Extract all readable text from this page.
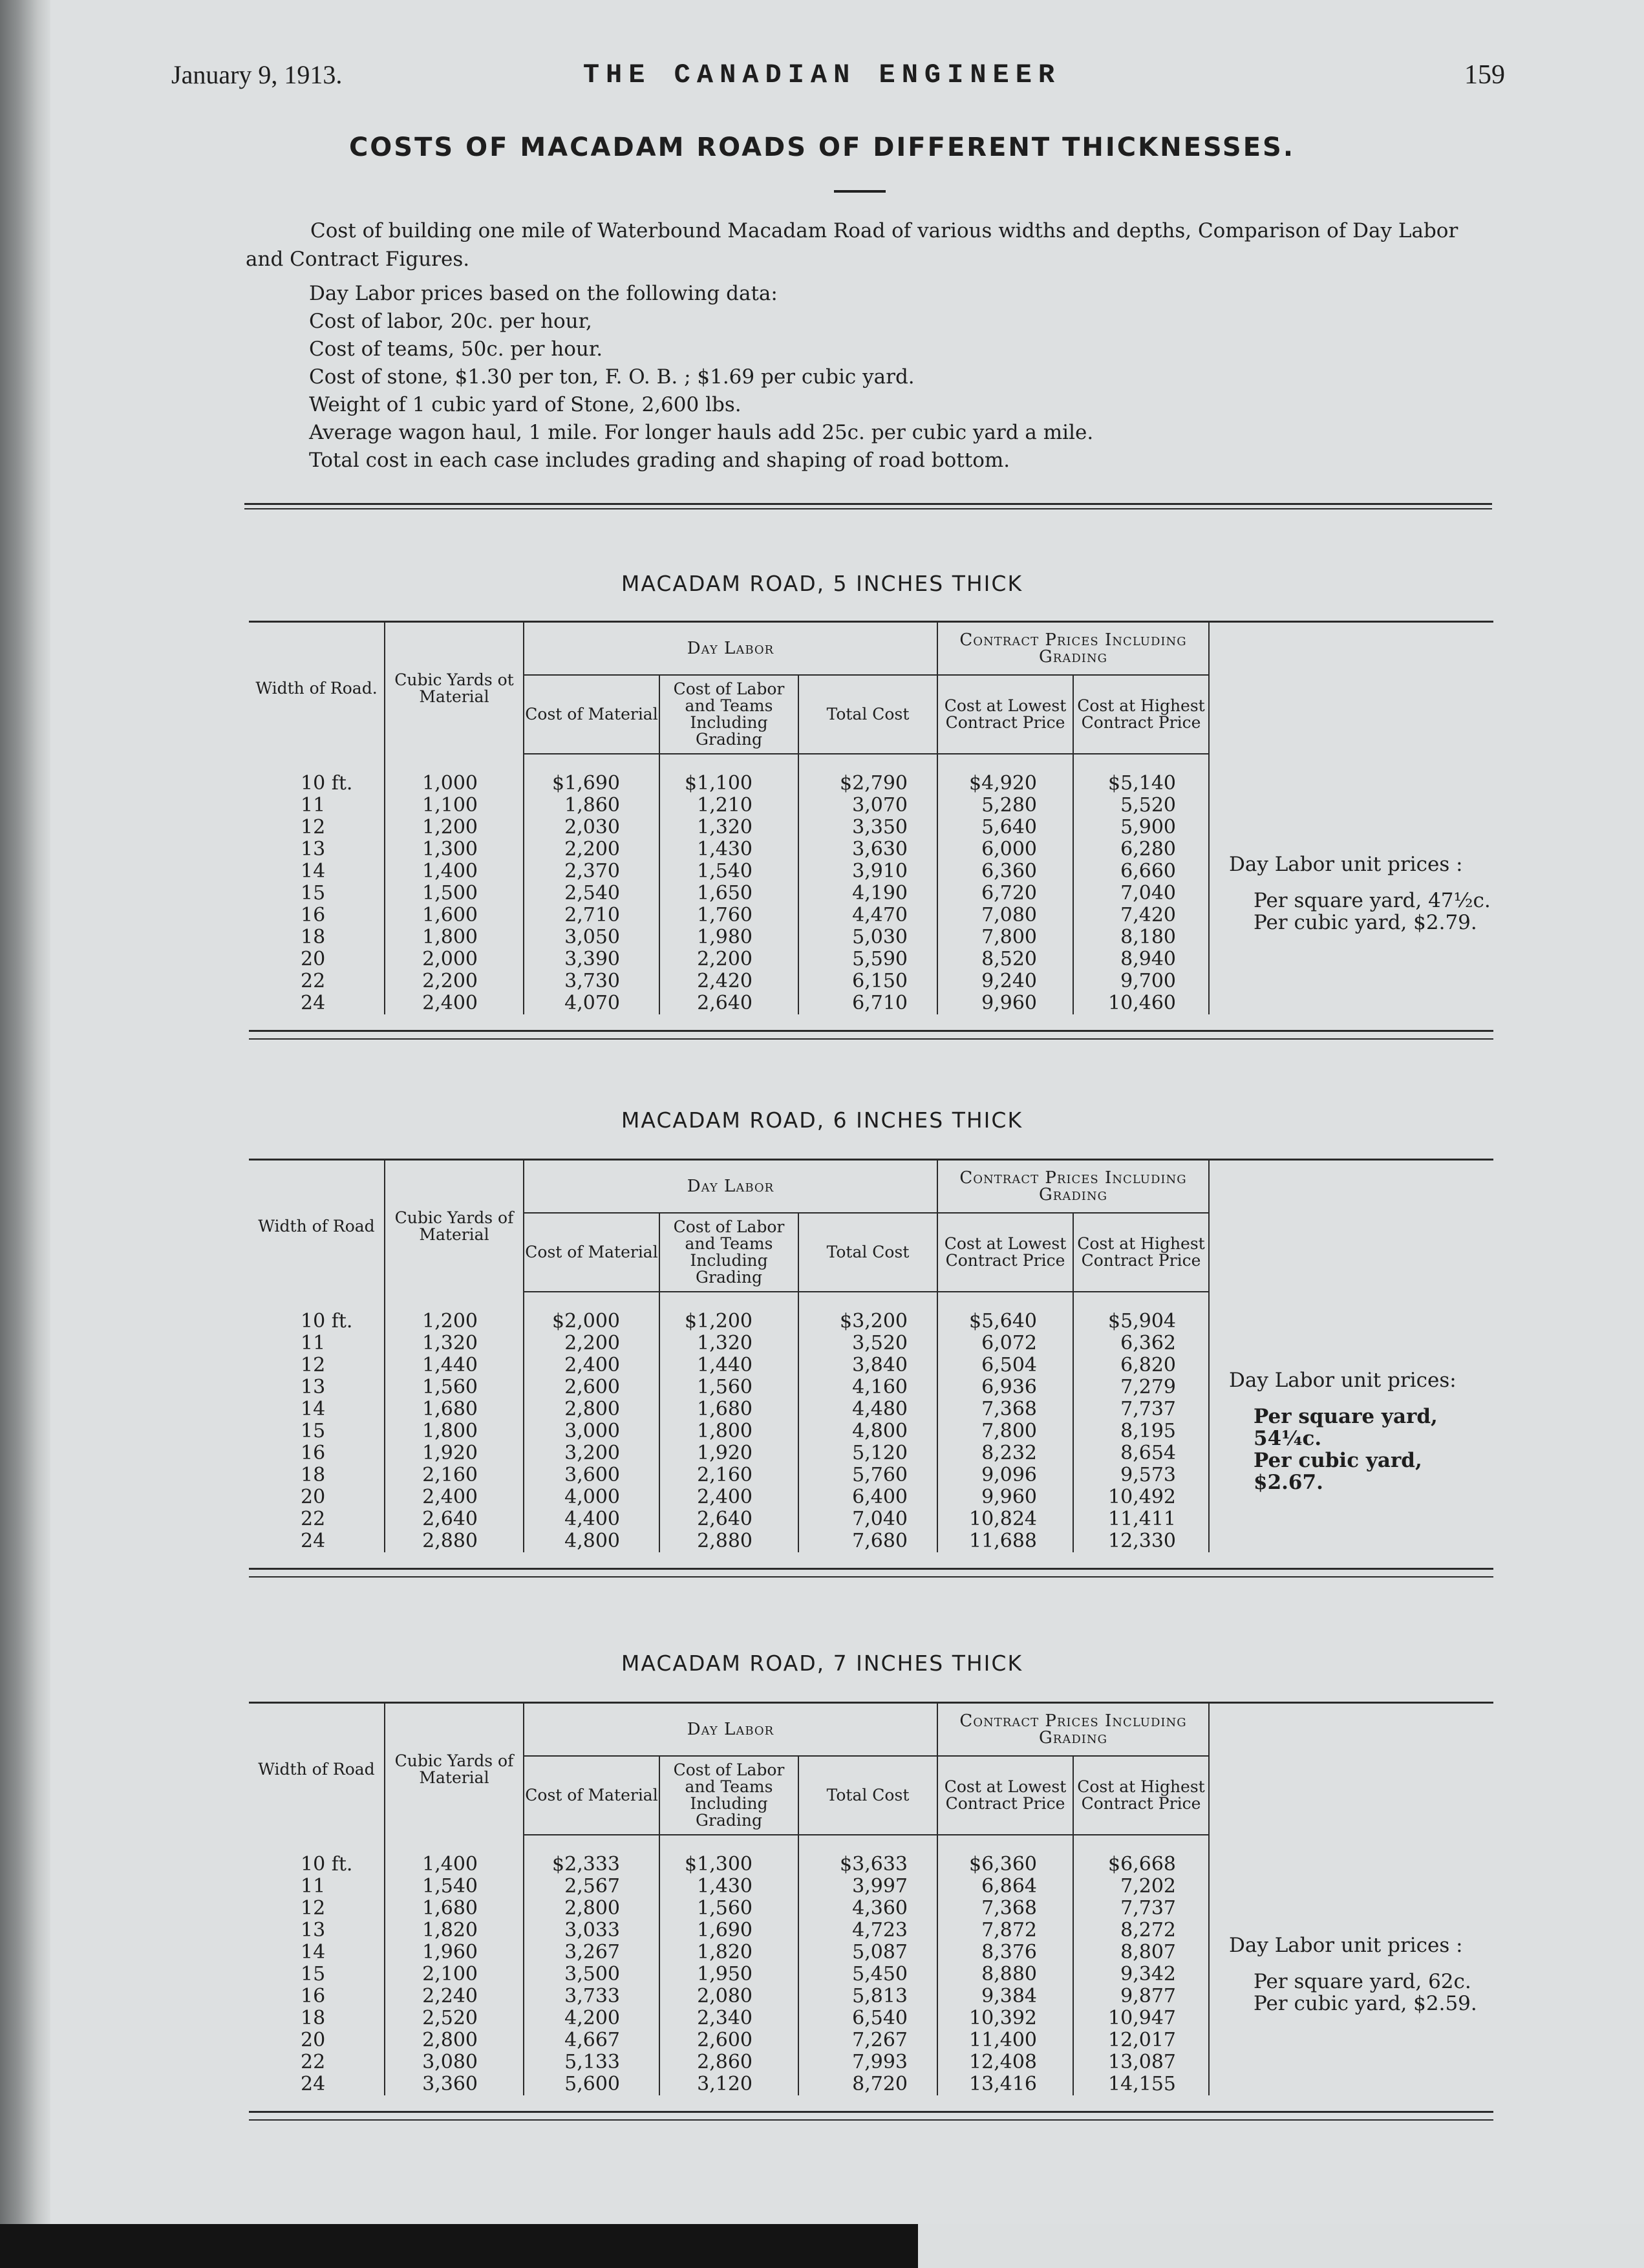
January 9, 1913.	THE CANADIAN ENGINEER	159
COSTS OF MACADAM ROADS OF DIFFERENT THICKNESSES.
Cost of building one mile of Waterbound Macadam Road of various widths and depths, Comparison of Day Labor and Contract Figures.
Day Labor prices based on the following data:
Cost of labor, 20c. per hour,
Cost of teams, 50c. per hour.
Cost of stone, $1.30 per ton, F. O. B. ; $1.69 per cubic yard.
Weight of 1 cubic yard of Stone, 2,600 lbs.
Average wagon haul, 1 mile. For longer hauls add 25c. per cubic yard a mile.
Total cost in each case includes grading and shaping of road bottom.
MACADAM ROAD, 5 INCHES THICK
Width of Road.	Cubic Yards ot Material	Day Labor			Contract Prices Including Grading		
		Cost of Material	Cost of Labor and Teams Including Grading	Total Cost	Cost at Lowest Contract Price	Cost at Highest Contract Price	
10 ft.	1,000	$1,690	$1,100	$2,790	$4,920	$5,140	Day Labor unit prices :
Per square yard, 47½c.
Per cubic yard, $2.79.

11	1,100	1,860	1,210	3,070	5,280	5,520	
12	1,200	2,030	1,320	3,350	5,640	5,900	
13	1,300	2,200	1,430	3,630	6,000	6,280	
14	1,400	2,370	1,540	3,910	6,360	6,660	
15	1,500	2,540	1,650	4,190	6,720	7,040	
16	1,600	2,710	1,760	4,470	7,080	7,420	
18	1,800	3,050	1,980	5,030	7,800	8,180	
20	2,000	3,390	2,200	5,590	8,520	8,940	
22	2,200	3,730	2,420	6,150	9,240	9,700	
24	2,400	4,070	2,640	6,710	9,960	10,460	

MACADAM ROAD, 6 INCHES THICK
Width of Road	Cubic Yards of Material	Day Labor			Contract Prices Including Grading		
		Cost of Material	Cost of Labor and Teams Including Grading	Total Cost	Cost at Lowest Contract Price	Cost at Highest Contract Price	
10 ft.	1,200	$2,000	$1,200	$3,200	$5,640	$5,904	Day Labor unit prices:
Per square yard, 54¼c.
Per cubic yard, $2.67.

11	1,320	2,200	1,320	3,520	6,072	6,362	
12	1,440	2,400	1,440	3,840	6,504	6,820	
13	1,560	2,600	1,560	4,160	6,936	7,279	
14	1,680	2,800	1,680	4,480	7,368	7,737	
15	1,800	3,000	1,800	4,800	7,800	8,195	
16	1,920	3,200	1,920	5,120	8,232	8,654	
18	2,160	3,600	2,160	5,760	9,096	9,573	
20	2,400	4,000	2,400	6,400	9,960	10,492	
22	2,640	4,400	2,640	7,040	10,824	11,411	
24	2,880	4,800	2,880	7,680	11,688	12,330	

MACADAM ROAD, 7 INCHES THICK
Width of Road	Cubic Yards of Material	Day Labor			Contract Prices Including Grading		
		Cost of Material	Cost of Labor and Teams Including Grading	Total Cost	Cost at Lowest Contract Price	Cost at Highest Contract Price	
10 ft.	1,400	$2,333	$1,300	$3,633	$6,360	$6,668	Day Labor unit prices :
Per square yard, 62c.
Per cubic yard, $2.59.

11	1,540	2,567	1,430	3,997	6,864	7,202	
12	1,680	2,800	1,560	4,360	7,368	7,737	
13	1,820	3,033	1,690	4,723	7,872	8,272	
14	1,960	3,267	1,820	5,087	8,376	8,807	
15	2,100	3,500	1,950	5,450	8,880	9,342	
16	2,240	3,733	2,080	5,813	9,384	9,877	
18	2,520	4,200	2,340	6,540	10,392	10,947	
20	2,800	4,667	2,600	7,267	11,400	12,017	
22	3,080	5,133	2,860	7,993	12,408	13,087	
24	3,360	5,600	3,120	8,720	13,416	14,155	
